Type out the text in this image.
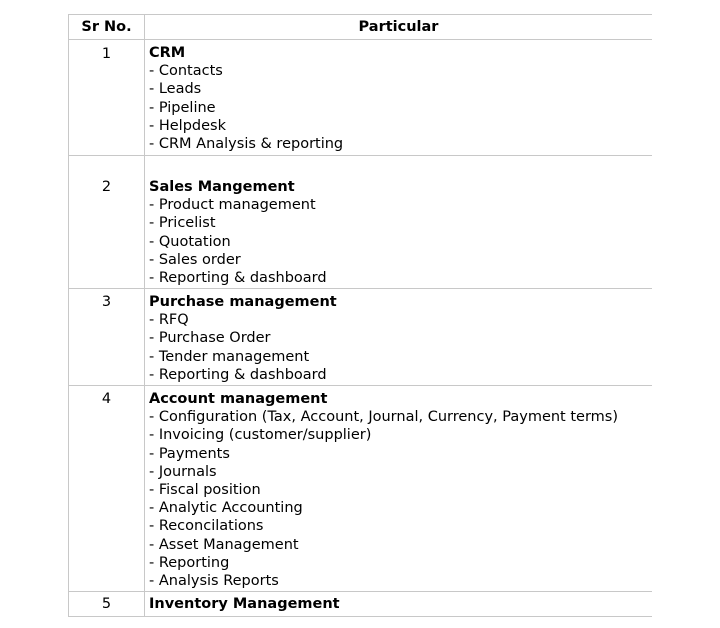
Sr No.	Particular
1	CRM
- Contacts
- Leads
- Pipeline
- Helpdesk
- CRM Analysis & reporting
2	Sales Mangement
- Product management
- Pricelist
- Quotation
- Sales order
- Reporting & dashboard
3	Purchase management
- RFQ
- Purchase Order
- Tender management
- Reporting & dashboard
4	Account management
- Configuration (Tax, Account, Journal, Currency, Payment terms)
- Invoicing (customer/supplier)
- Payments
- Journals
- Fiscal position
- Analytic Accounting
- Reconcilations
- Asset Management
- Reporting
- Analysis Reports
5	Inventory Management
